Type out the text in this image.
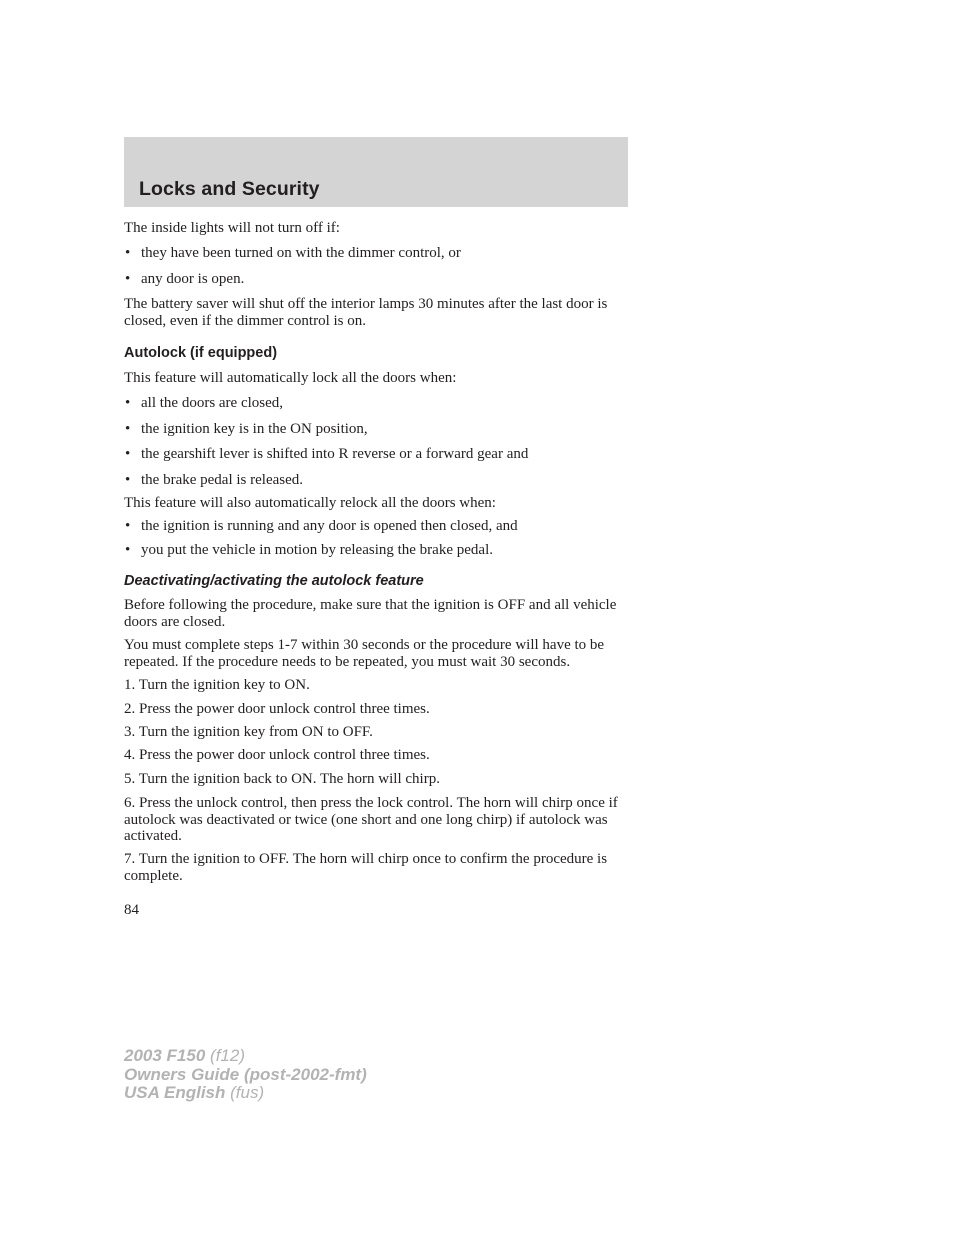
Locks and Security

The inside lights will not turn off if:

• they have been turned on with the dimmer control, or

• any door is open.

The battery saver will shut off the interior lamps 30 minutes after the last door is closed, even if the dimmer control is on.

Autolock (if equipped)

This feature will automatically lock all the doors when:

• all the doors are closed,

• the ignition key is in the ON position,

• the gearshift lever is shifted into R reverse or a forward gear and

• the brake pedal is released.

This feature will also automatically relock all the doors when:

• the ignition is running and any door is opened then closed, and

• you put the vehicle in motion by releasing the brake pedal.

Deactivating/activating the autolock feature

Before following the procedure, make sure that the ignition is OFF and all vehicle doors are closed.

You must complete steps 1-7 within 30 seconds or the procedure will have to be repeated. If the procedure needs to be repeated, you must wait 30 seconds.

1. Turn the ignition key to ON.

2. Press the power door unlock control three times.

3. Turn the ignition key from ON to OFF.

4. Press the power door unlock control three times.

5. Turn the ignition back to ON. The horn will chirp.

6. Press the unlock control, then press the lock control. The horn will chirp once if autolock was deactivated or twice (one short and one long chirp) if autolock was activated.

7. Turn the ignition to OFF. The horn will chirp once to confirm the procedure is complete.

84

2003 F150 (f12)
Owners Guide (post-2002-fmt)
USA English (fus)
